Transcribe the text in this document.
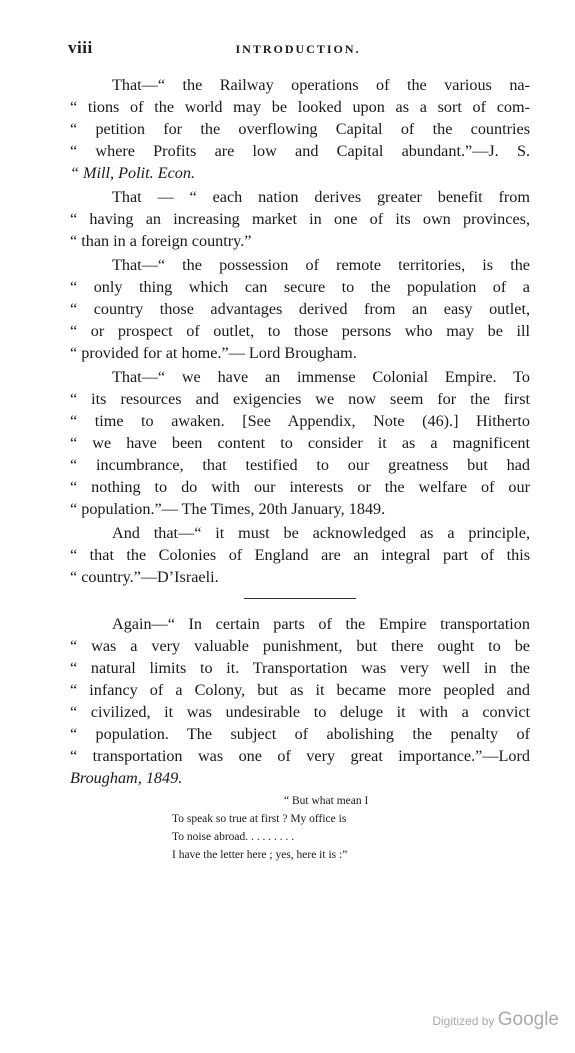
viii	INTRODUCTION.
That—“ the Railway operations of the various na-
“ tions of the world may be looked upon as a sort of com-
“ petition for the overflowing Capital of the countries
“ where Profits are low and Capital abundant.”—J. S.
“ Mill, Polit. Econ.
That — “ each nation derives greater benefit from
“ having an increasing market in one of its own provinces,
“ than in a foreign country.”
That—“ the possession of remote territories, is the
“ only thing which can secure to the population of a
“ country those advantages derived from an easy outlet,
“ or prospect of outlet, to those persons who may be ill
“ provided for at home.”— Lord Brougham.
That—“ we have an immense Colonial Empire. To
“ its resources and exigencies we now seem for the first
“ time to awaken. [See Appendix, Note (46).] Hitherto
“ we have been content to consider it as a magnificent
“ incumbrance, that testified to our greatness but had
“ nothing to do with our interests or the welfare of our
“ population.”— The Times, 20th January, 1849.
And that—“ it must be acknowledged as a principle,
“ that the Colonies of England are an integral part of this
“ country.”—D’Israeli.
Again—“ In certain parts of the Empire transportation
“ was a very valuable punishment, but there ought to be
“ natural limits to it. Transportation was very well in the
“ infancy of a Colony, but as it became more peopled and
“ civilized, it was undesirable to deluge it with a convict
“ population. The subject of abolishing the penalty of
“ transportation was one of very great importance.”—Lord
Brougham, 1849.
“ But what mean I
To speak so true at first ? My office is
To noise abroad. . . . . . . . .
I have the letter here ; yes, here it is :”
Digitized by Google
